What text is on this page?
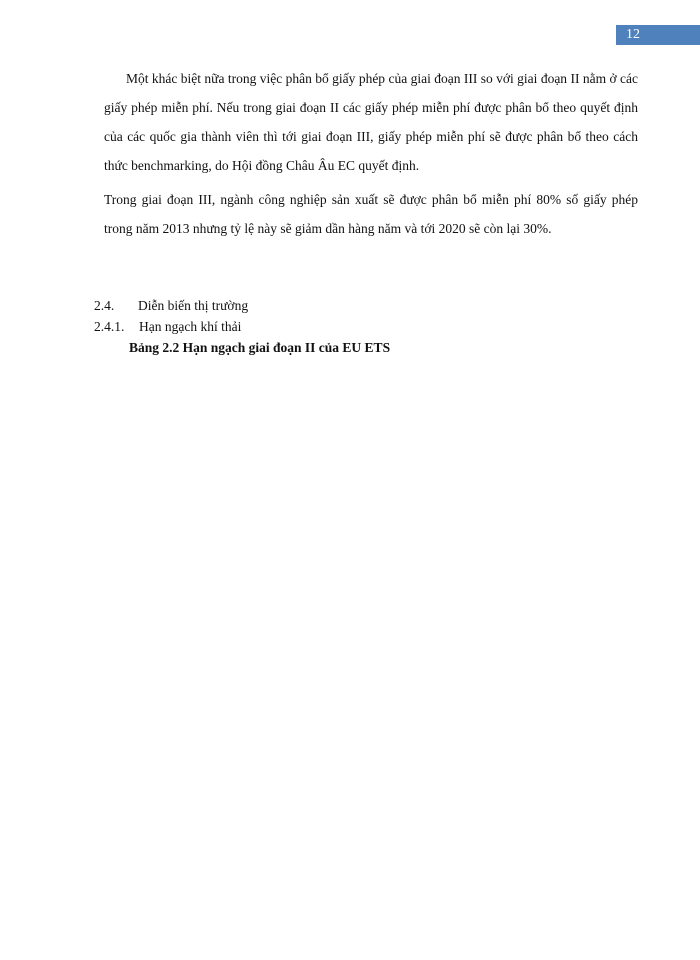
12

Một khác biệt nữa trong việc phân bổ giấy phép của giai đoạn III so với giai đoạn II nằm ở các giấy phép miễn phí. Nếu trong giai đoạn II các giấy phép miễn phí được phân bổ theo quyết định của các quốc gia thành viên thì tới giai đoạn III, giấy phép miễn phí sẽ được phân bổ theo cách thức benchmarking, do Hội đồng Châu Âu EC quyết định.

Trong giai đoạn III, ngành công nghiệp sản xuất sẽ được phân bổ miễn phí 80% số giấy phép trong năm 2013 nhưng tỷ lệ này sẽ giảm dần hàng năm và tới 2020 sẽ còn lại 30%.

2.4. Diễn biến thị trường
2.4.1. Hạn ngạch khí thải
Bảng 2.2 Hạn ngạch giai đoạn II của EU ETS
